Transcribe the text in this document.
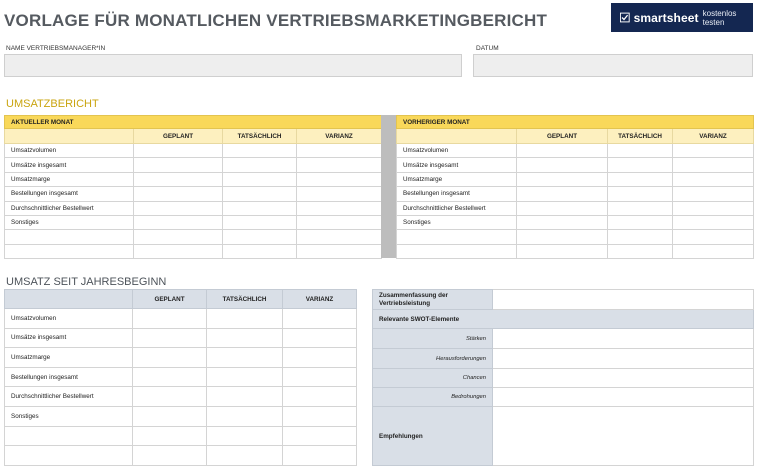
VORLAGE FÜR MONATLICHEN VERTRIEBSMARKETINGBERICHT	smartsheet kostenlos testen
NAME VERTRIEBSMANAGER*IN	DATUM
UMSATZBERICHT
AKTUELLER MONAT			
	GEPLANT	TATSÄCHLICH	VARIANZ
Umsatzvolumen			
Umsätze insgesamt			
Umsatzmarge			
Bestellungen insgesamt			
Durchschnittlicher Bestellwert			
Sonstiges			

VORHERIGER MONAT			
	GEPLANT	TATSÄCHLICH	VARIANZ
Umsatzvolumen			
Umsätze insgesamt			
Umsatzmarge			
Bestellungen insgesamt			
Durchschnittlicher Bestellwert			
Sonstiges			

UMSATZ SEIT JAHRESBEGINN
	GEPLANT	TATSÄCHLICH	VARIANZ
Umsatzvolumen			
Umsätze insgesamt			
Umsatzmarge			
Bestellungen insgesamt			
Durchschnittlicher Bestellwert			
Sonstiges			

Zusammenfassung der Vertriebsleistung	
Relevante SWOT-Elemente	
Stärken	
Herausforderungen	
Chancen	
Bedrohungen	
Empfehlungen	
